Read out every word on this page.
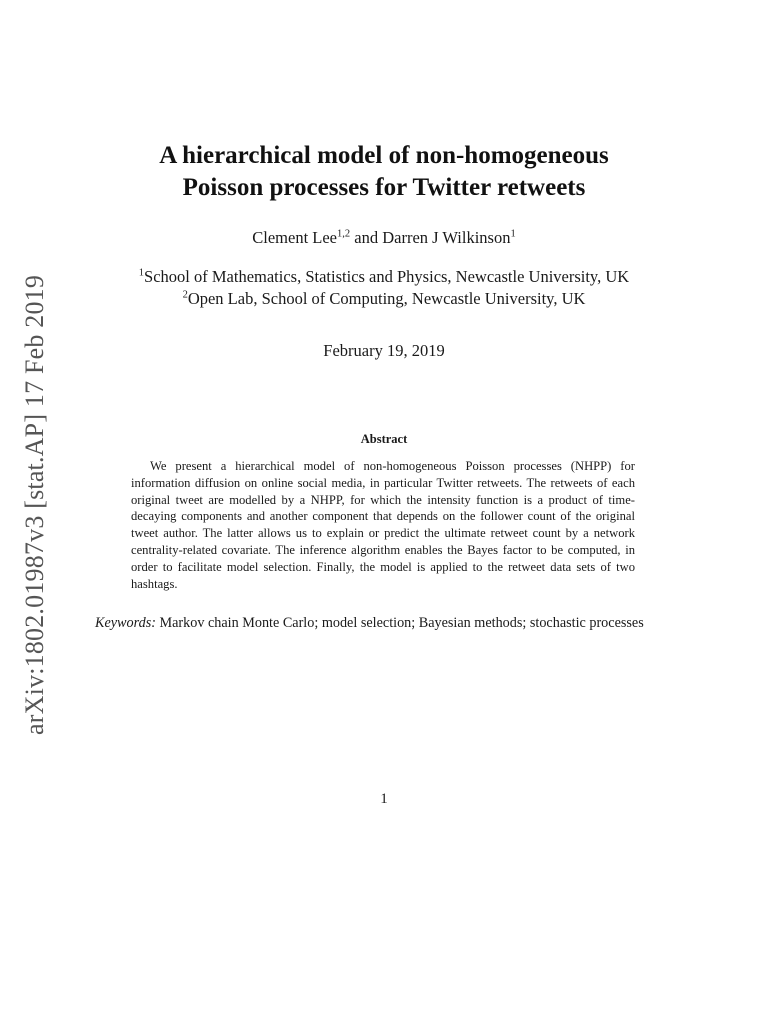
arXiv:1802.01987v3 [stat.AP] 17 Feb 2019
A hierarchical model of non-homogeneous
Poisson processes for Twitter retweets
Clement Lee$^{1,2}$ and Darren J Wilkinson$^1$
$^1$School of Mathematics, Statistics and Physics, Newcastle University, UK
$^2$Open Lab, School of Computing, Newcastle University, UK
February 19, 2019
Abstract
We present a hierarchical model of non-homogeneous Poisson processes (NHPP) for information diffusion on online social media, in particular Twitter retweets. The retweets of each original tweet are modelled by a NHPP, for which the intensity function is a product of time-decaying components and another component that depends on the follower count of the original tweet author. The latter allows us to explain or predict the ultimate retweet count by a network centrality-related covariate. The inference algorithm enables the Bayes factor to be computed, in order to facilitate model selection. Finally, the model is applied to the retweet data sets of two hashtags.
Keywords: Markov chain Monte Carlo; model selection; Bayesian methods; stochastic processes
1
